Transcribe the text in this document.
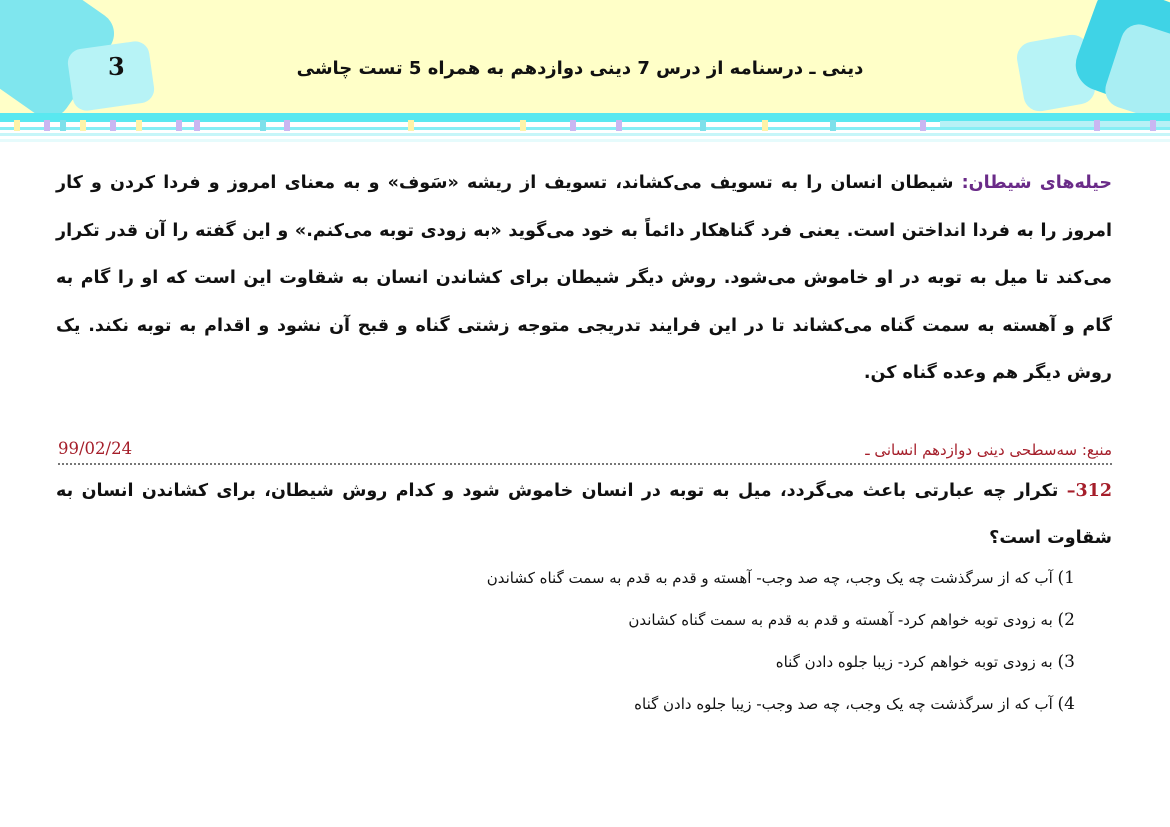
3	دینی ـ درسنامه از درس 7 دینی دوازدهم به همراه 5 تست چاشی
حیله‌های شیطان: شیطان انسان را به تسویف می‌کشاند، تسویف از ریشه «سَوف» و به معنای امروز و فردا کردن و کار امروز را به فردا انداختن است. یعنی فرد گناهکار دائماً به خود می‌گوید «به زودی توبه می‌کنم.» و این گفته را آن قدر تکرار می‌کند تا میل به توبه در او خاموش می‌شود. روش دیگر شیطان برای کشاندن انسان به شقاوت این است که او را گام به گام و آهسته به سمت گناه می‌کشاند تا در این فرایند تدریجی متوجه زشتی گناه و قبح آن نشود و اقدام به توبه نکند. یک روش دیگر هم وعده گناه کن.
منبع: سه‌سطحی دینی دوازدهم انسانی ـ
99/02/24
312– تکرار چه عبارتی باعث می‌گردد، میل به توبه در انسان خاموش شود و کدام روش شیطان، برای کشاندن انسان به شقاوت است؟
1) آب که از سرگذشت چه یک وجب، چه صد وجب- آهسته و قدم به قدم به سمت گناه کشاندن
2) به زودی توبه خواهم کرد- آهسته و قدم به قدم به سمت گناه کشاندن
3) به زودی توبه خواهم کرد- زیبا جلوه دادن گناه
4) آب که از سرگذشت چه یک وجب، چه صد وجب- زیبا جلوه دادن گناه
